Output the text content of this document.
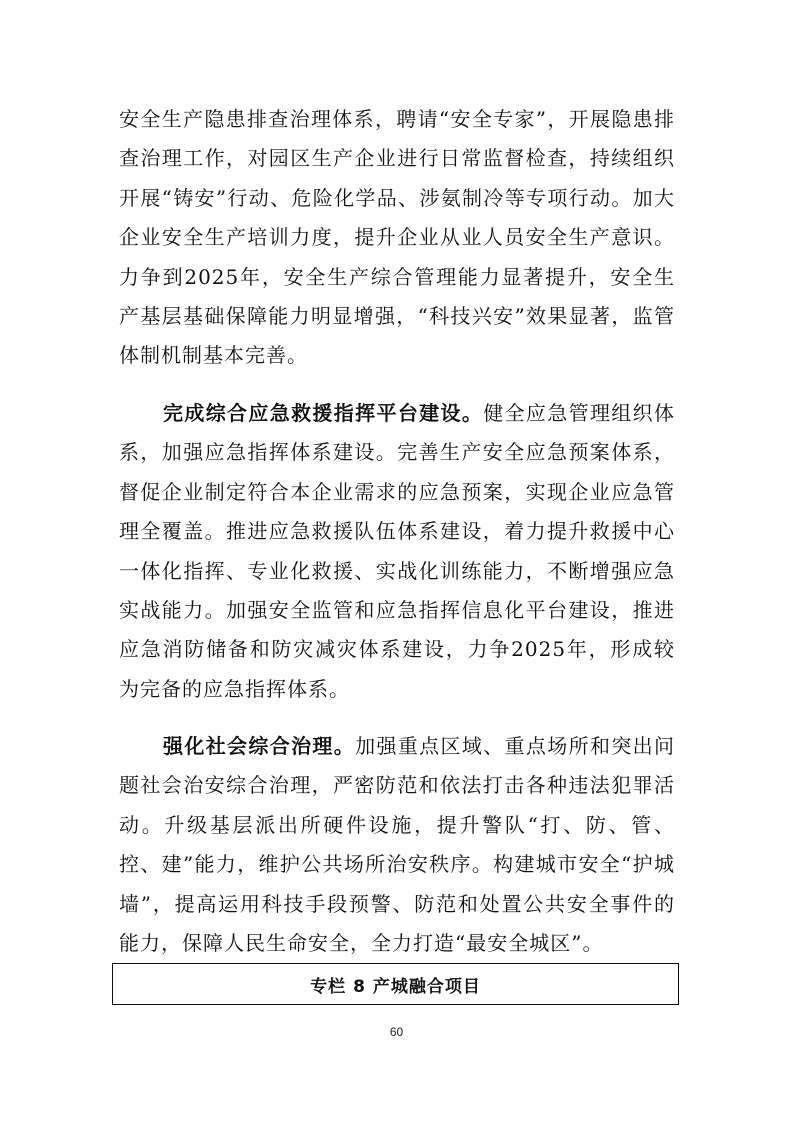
安全生产隐患排查治理体系，聘请“安全专家”，开展隐患排查治理工作，对园区生产企业进行日常监督检查，持续组织开展“铸安”行动、危险化学品、涉氨制冷等专项行动。加大企业安全生产培训力度，提升企业从业人员安全生产意识。力争到2025年，安全生产综合管理能力显著提升，安全生产基层基础保障能力明显增强，“科技兴安”效果显著，监管体制机制基本完善。

完成综合应急救援指挥平台建设。健全应急管理组织体系，加强应急指挥体系建设。完善生产安全应急预案体系，督促企业制定符合本企业需求的应急预案，实现企业应急管理全覆盖。推进应急救援队伍体系建设，着力提升救援中心一体化指挥、专业化救援、实战化训练能力，不断增强应急实战能力。加强安全监管和应急指挥信息化平台建设，推进应急消防储备和防灾减灾体系建设，力争2025年，形成较为完备的应急指挥体系。

强化社会综合治理。加强重点区域、重点场所和突出问题社会治安综合治理，严密防范和依法打击各种违法犯罪活动。升级基层派出所硬件设施，提升警队“打、防、管、控、建”能力，维护公共场所治安秩序。构建城市安全“护城墙”，提高运用科技手段预警、防范和处置公共安全事件的能力，保障人民生命安全，全力打造“最安全城区”。

专栏 8 产城融合项目
60
